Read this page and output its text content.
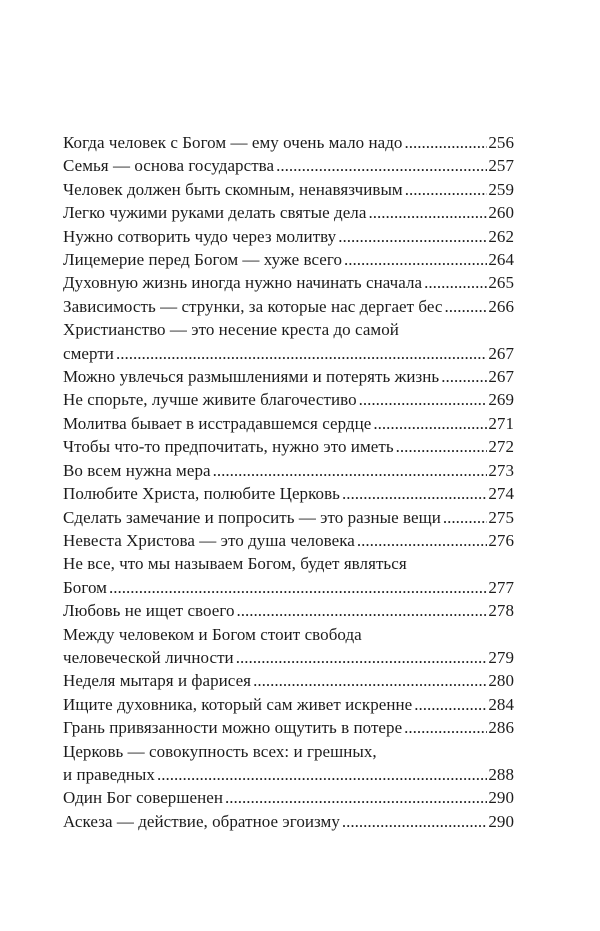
Когда человек с Богом — ему очень мало надо .....	256
Семья — основа государства .....	257
Человек должен быть скомным, ненавязчивым .....	259
Легко чужими руками делать святые дела .....	260
Нужно сотворить чудо через молитву .....	262
Лицемерие перед Богом — хуже всего .....	264
Духовную жизнь иногда нужно начинать сначала .....	265
Зависимость — струнки, за которые нас дергает бес .....	266
Христианство — это несение креста до самой
смерти .....	267
Можно увлечься размышлениями и потерять жизнь .....	267
Не спорьте, лучше живите благочестиво .....	269
Молитва бывает в исстрадавшемся сердце .....	271
Чтобы что-то предпочитать, нужно это иметь .....	272
Во всем нужна мера .....	273
Полюбите Христа, полюбите Церковь .....	274
Сделать замечание и попросить — это разные вещи .....	275
Невеста Христова — это душа человека .....	276
Не все, что мы называем Богом, будет являться
Богом .....	277
Любовь не ищет своего .....	278
Между человеком и Богом стоит свобода
человеческой личности .....	279
Неделя мытаря и фарисея .....	280
Ищите духовника, который сам живет искренне .....	284
Грань привязанности можно ощутить в потере .....	286
Церковь — совокупность всех: и грешных,
и праведных .....	288
Один Бог совершенен .....	290
Аскеза — действие, обратное эгоизму .....	290
